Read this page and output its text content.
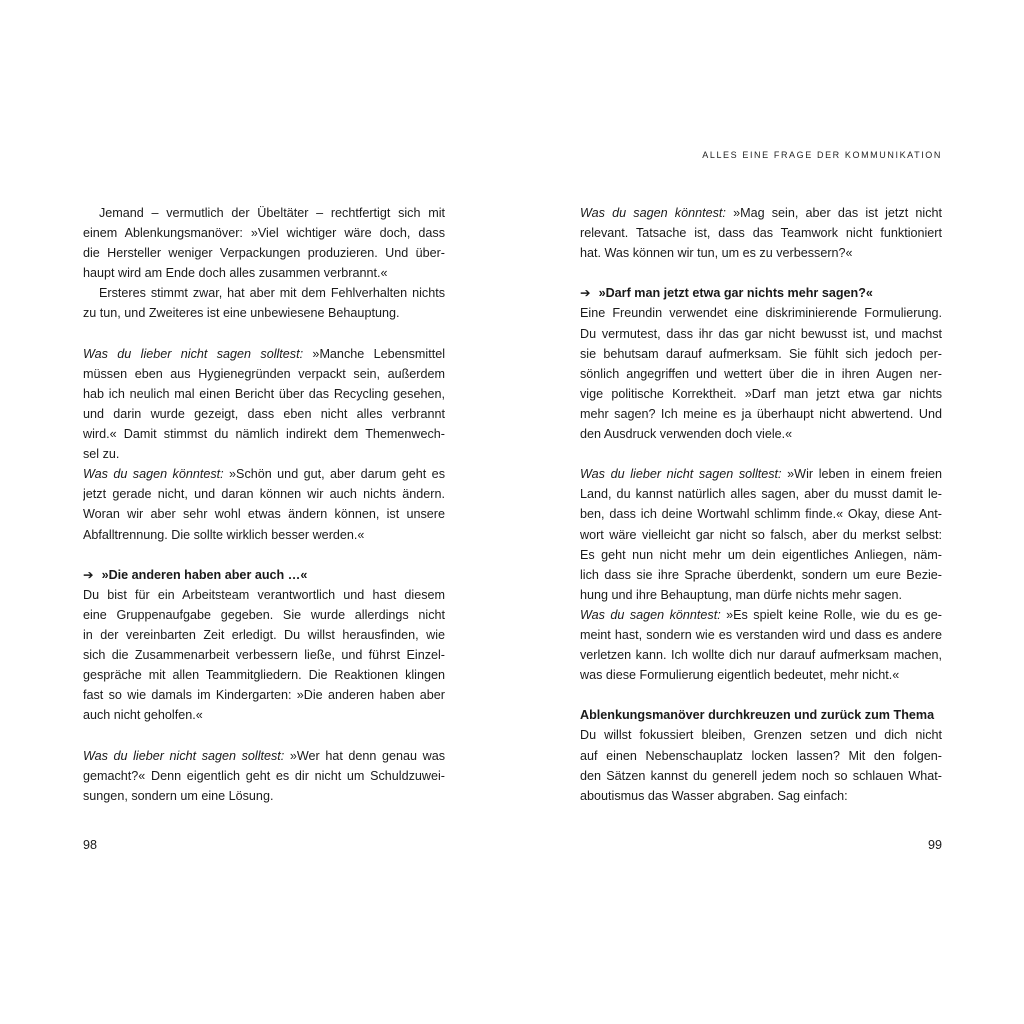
ALLES EINE FRAGE DER KOMMUNIKATION
Jemand – vermutlich der Übeltäter – rechtfertigt sich mit
einem Ablenkungsmanöver: »Viel wichtiger wäre doch, dass
die Hersteller weniger Verpackungen produzieren. Und über-
haupt wird am Ende doch alles zusammen verbrannt.«
Ersteres stimmt zwar, hat aber mit dem Fehlverhalten nichts
zu tun, und Zweiteres ist eine unbewiesene Behauptung.
Was du lieber nicht sagen solltest: »Manche Lebensmittel
müssen eben aus Hygienegründen verpackt sein, außerdem
hab ich neulich mal einen Bericht über das Recycling gesehen,
und darin wurde gezeigt, dass eben nicht alles verbrannt
wird.« Damit stimmst du nämlich indirekt dem Themenwech-
sel zu.
Was du sagen könntest: »Schön und gut, aber darum geht es
jetzt gerade nicht, und daran können wir auch nichts ändern.
Woran wir aber sehr wohl etwas ändern können, ist unsere
Abfalltrennung. Die sollte wirklich besser werden.«
➔ »Die anderen haben aber auch …«
Du bist für ein Arbeitsteam verantwortlich und hast diesem
eine Gruppenaufgabe gegeben. Sie wurde allerdings nicht
in der vereinbarten Zeit erledigt. Du willst herausfinden, wie
sich die Zusammenarbeit verbessern ließe, und führst Einzel-
gespräche mit allen Teammitgliedern. Die Reaktionen klingen
fast so wie damals im Kindergarten: »Die anderen haben aber
auch nicht geholfen.«
Was du lieber nicht sagen solltest: »Wer hat denn genau was
gemacht?« Denn eigentlich geht es dir nicht um Schuldzuwei-
sungen, sondern um eine Lösung.
Was du sagen könntest: »Mag sein, aber das ist jetzt nicht
relevant. Tatsache ist, dass das Teamwork nicht funktioniert
hat. Was können wir tun, um es zu verbessern?«
➔ »Darf man jetzt etwa gar nichts mehr sagen?«
Eine Freundin verwendet eine diskriminierende Formulierung.
Du vermutest, dass ihr das gar nicht bewusst ist, und machst
sie behutsam darauf aufmerksam. Sie fühlt sich jedoch per-
sönlich angegriffen und wettert über die in ihren Augen ner-
vige politische Korrektheit. »Darf man jetzt etwa gar nichts
mehr sagen? Ich meine es ja überhaupt nicht abwertend. Und
den Ausdruck verwenden doch viele.«
Was du lieber nicht sagen solltest: »Wir leben in einem freien
Land, du kannst natürlich alles sagen, aber du musst damit le-
ben, dass ich deine Wortwahl schlimm finde.« Okay, diese Ant-
wort wäre vielleicht gar nicht so falsch, aber du merkst selbst:
Es geht nun nicht mehr um dein eigentliches Anliegen, näm-
lich dass sie ihre Sprache überdenkt, sondern um eure Bezie-
hung und ihre Behauptung, man dürfe nichts mehr sagen.
Was du sagen könntest: »Es spielt keine Rolle, wie du es ge-
meint hast, sondern wie es verstanden wird und dass es andere
verletzen kann. Ich wollte dich nur darauf aufmerksam machen,
was diese Formulierung eigentlich bedeutet, mehr nicht.«
Ablenkungsmanöver durchkreuzen und zurück zum Thema
Du willst fokussiert bleiben, Grenzen setzen und dich nicht
auf einen Nebenschauplatz locken lassen? Mit den folgen-
den Sätzen kannst du generell jedem noch so schlauen What-
aboutismus das Wasser abgraben. Sag einfach:
98	99
